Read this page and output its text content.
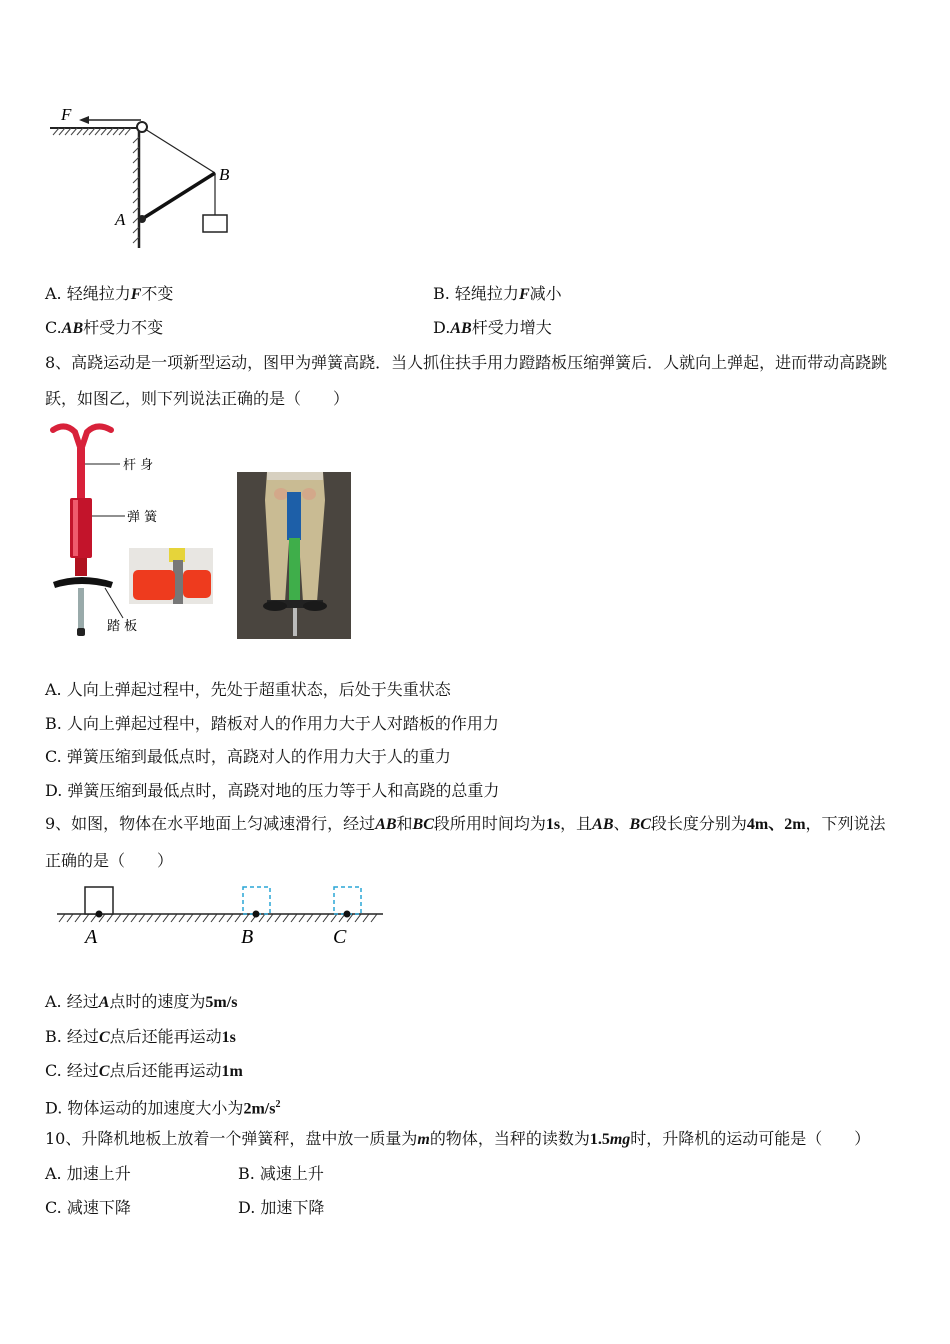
F
B
A
A. 轻绳拉力F不变	B. 轻绳拉力F减小
C.AB杆受力不变	D.AB杆受力增大
8、高跷运动是一项新型运动，图甲为弹簧高跷．当人抓住扶手用力蹬踏板压缩弹簧后．人就向上弹起，进而带动高跷跳
跃，如图乙，则下列说法正确的是（　　）
杆 身
弹 簧
踏 板
A. 人向上弹起过程中，先处于超重状态，后处于失重状态
B. 人向上弹起过程中，踏板对人的作用力大于人对踏板的作用力
C. 弹簧压缩到最低点时，高跷对人的作用力大于人的重力
D. 弹簧压缩到最低点时，高跷对地的压力等于人和高跷的总重力
9、如图，物体在水平地面上匀减速滑行，经过AB和BC段所用时间均为1s，且AB、BC段长度分别为4m、2m，下列说法
正确的是（　　）
A	B	C
A. 经过A点时的速度为5m/s
B. 经过C点后还能再运动1s
C. 经过C点后还能再运动1m
D. 物体运动的加速度大小为$2m/s^2$
10、升降机地板上放着一个弹簧秤，盘中放一质量为m的物体，当秤的读数为1.5mg时，升降机的运动可能是（　　）
A. 加速上升	B. 减速上升
C. 减速下降	D. 加速下降
